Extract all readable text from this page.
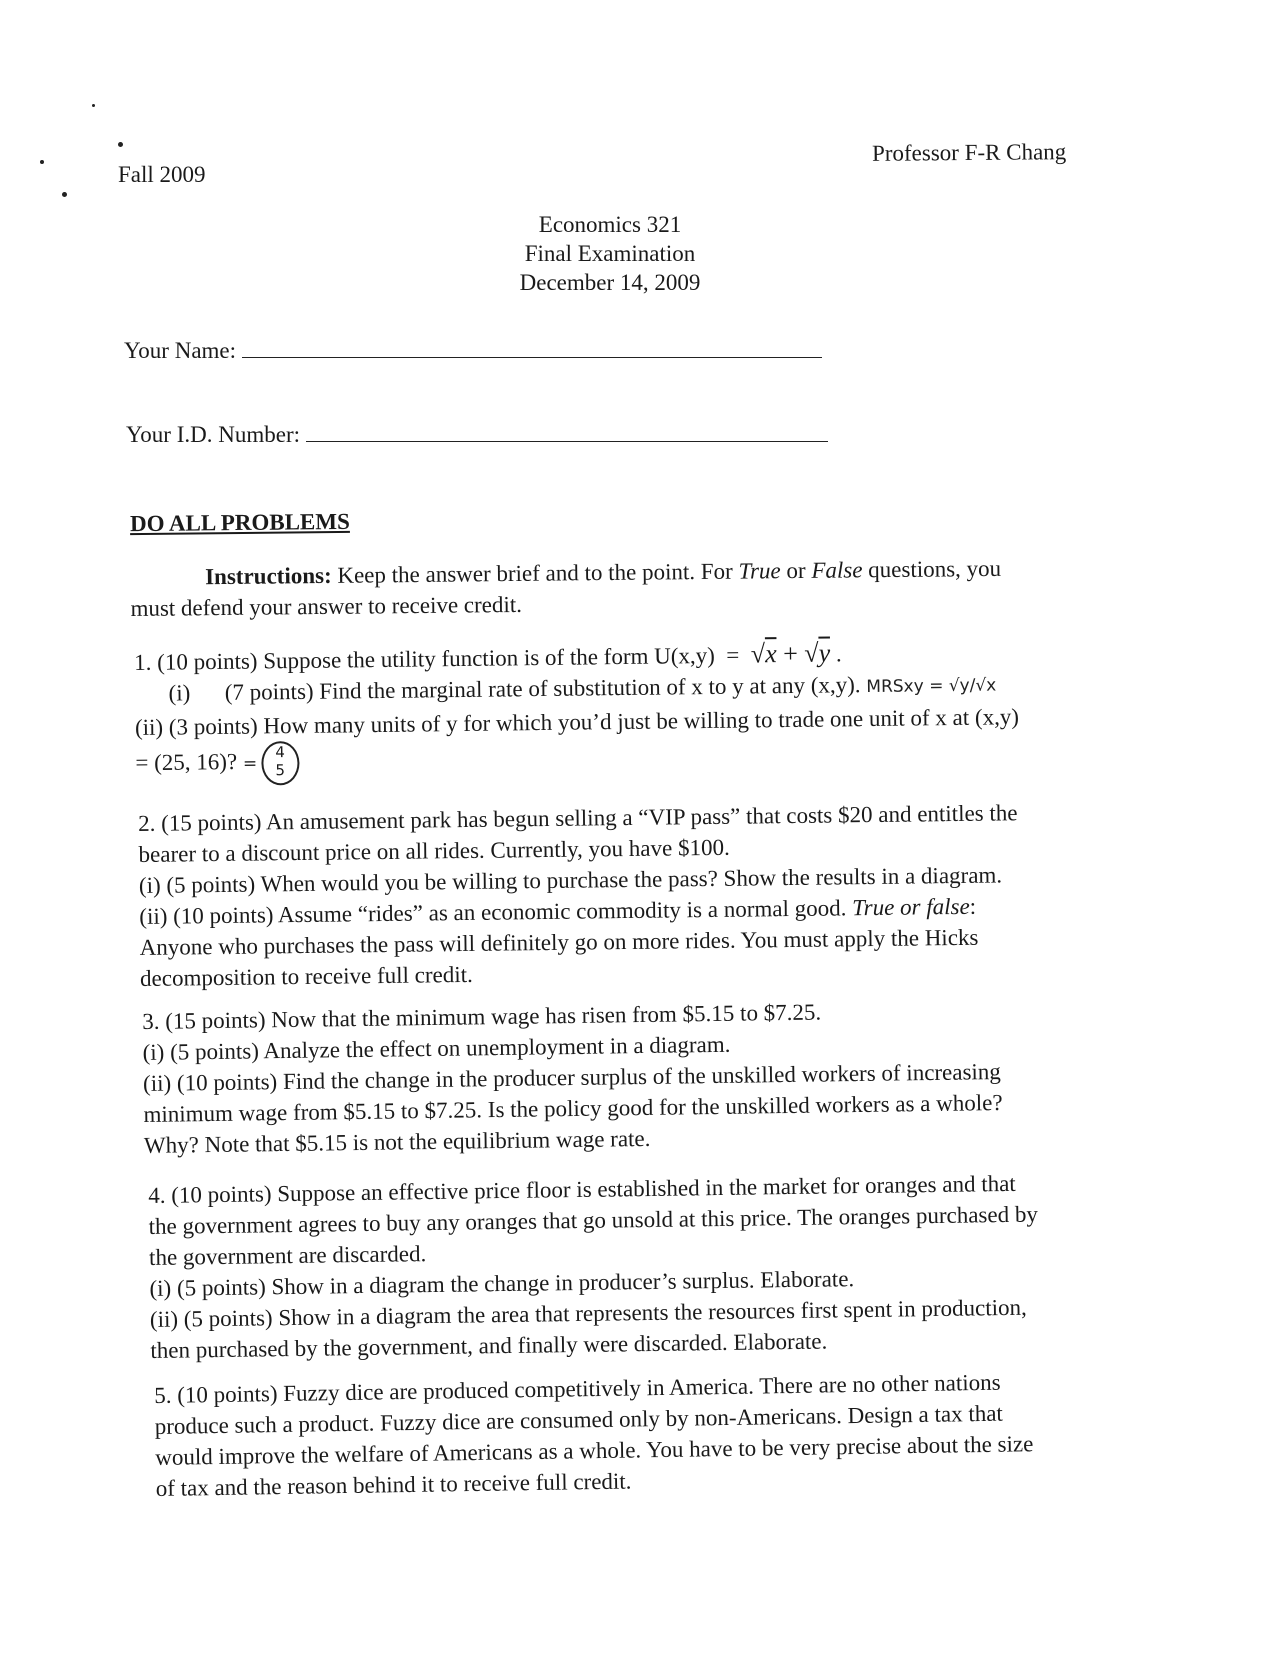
Fall 2009
Professor F-R Chang
Economics 321
Final Examination
December 14, 2009
Your Name:
Your I.D. Number:
DO ALL PROBLEMS

Instructions: Keep the answer brief and to the point. For True or False questions, you

must defend your answer to receive credit.

1. (10 points) Suppose the utility function is of the form U(x,y) = √x + √y .

(i) (7 points) Find the marginal rate of substitution of x to y at any (x,y). MRSxy = √y/√x

(ii) (3 points) How many units of y for which you’d just be willing to trade one unit of x at (x,y)

= (25, 16)? =4
5

2. (15 points) An amusement park has begun selling a “VIP pass” that costs $20 and entitles the

bearer to a discount price on all rides. Currently, you have $100.

(i) (5 points) When would you be willing to purchase the pass? Show the results in a diagram.

(ii) (10 points) Assume “rides” as an economic commodity is a normal good. True or false:

Anyone who purchases the pass will definitely go on more rides. You must apply the Hicks

decomposition to receive full credit.

3. (15 points) Now that the minimum wage has risen from $5.15 to $7.25.

(i) (5 points) Analyze the effect on unemployment in a diagram.

(ii) (10 points) Find the change in the producer surplus of the unskilled workers of increasing

minimum wage from $5.15 to $7.25. Is the policy good for the unskilled workers as a whole?

Why? Note that $5.15 is not the equilibrium wage rate.

4. (10 points) Suppose an effective price floor is established in the market for oranges and that

the government agrees to buy any oranges that go unsold at this price. The oranges purchased by

the government are discarded.

(i) (5 points) Show in a diagram the change in producer’s surplus. Elaborate.

(ii) (5 points) Show in a diagram the area that represents the resources first spent in production,

then purchased by the government, and finally were discarded. Elaborate.

5. (10 points) Fuzzy dice are produced competitively in America. There are no other nations

produce such a product. Fuzzy dice are consumed only by non-Americans. Design a tax that

would improve the welfare of Americans as a whole. You have to be very precise about the size

of tax and the reason behind it to receive full credit.
